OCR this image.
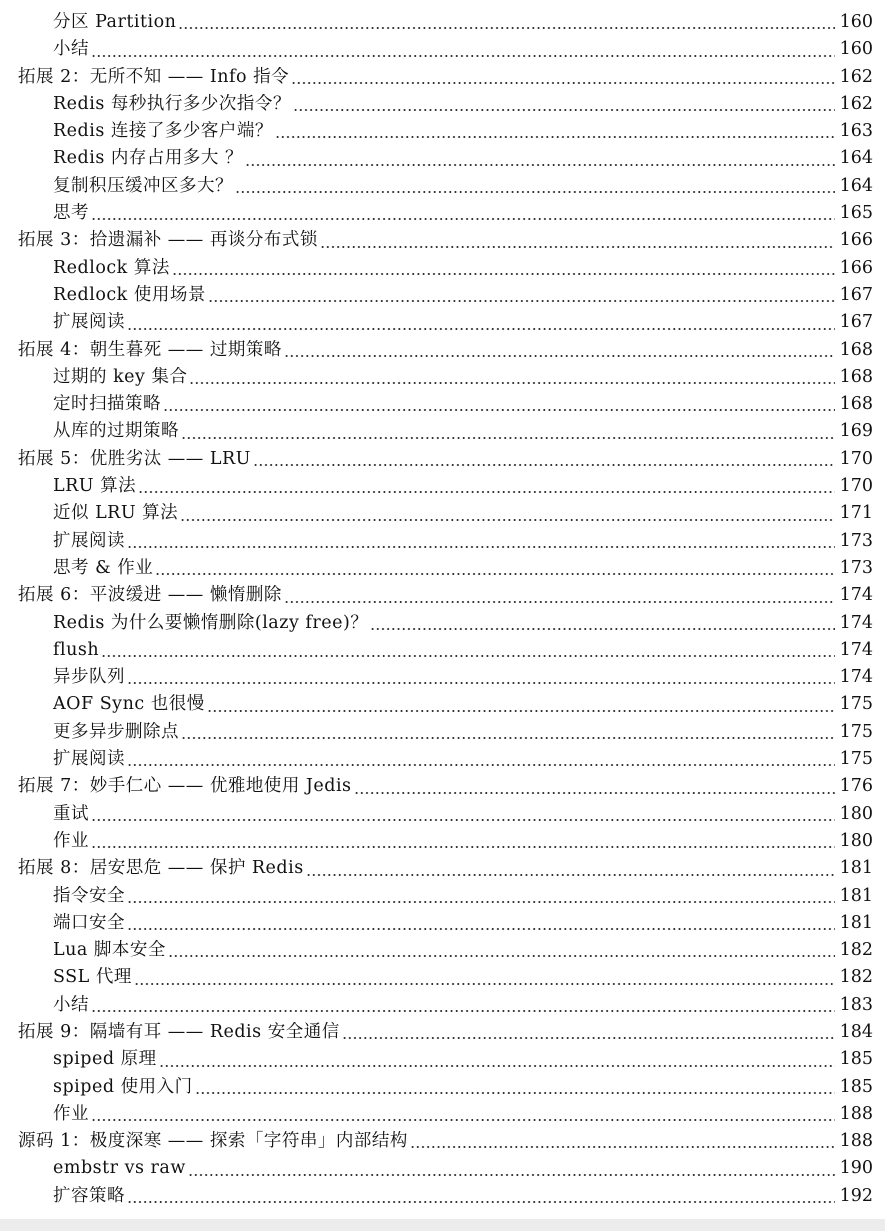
分区 Partition	160
小结	160
拓展 2：无所不知 —— Info 指令	162
Redis 每秒执行多少次指令？	162
Redis 连接了多少客户端？	163
Redis 内存占用多大 ？	164
复制积压缓冲区多大？	164
思考	165
拓展 3：拾遗漏补 —— 再谈分布式锁	166
Redlock 算法	166
Redlock 使用场景	167
扩展阅读	167
拓展 4：朝生暮死 —— 过期策略	168
过期的 key 集合	168
定时扫描策略	168
从库的过期策略	169
拓展 5：优胜劣汰 —— LRU	170
LRU 算法	170
近似 LRU 算法	171
扩展阅读	173
思考 & 作业	173
拓展 6：平波缓进 —— 懒惰删除	174
Redis 为什么要懒惰删除(lazy free)？	174
flush	174
异步队列	174
AOF Sync 也很慢	175
更多异步删除点	175
扩展阅读	175
拓展 7：妙手仁心 —— 优雅地使用 Jedis	176
重试	180
作业	180
拓展 8：居安思危 —— 保护 Redis	181
指令安全	181
端口安全	181
Lua 脚本安全	182
SSL 代理	182
小结	183
拓展 9：隔墙有耳 —— Redis 安全通信	184
spiped 原理	185
spiped 使用入门	185
作业	188
源码 1：极度深寒 —— 探索「字符串」内部结构	188
embstr vs raw	190
扩容策略	192
